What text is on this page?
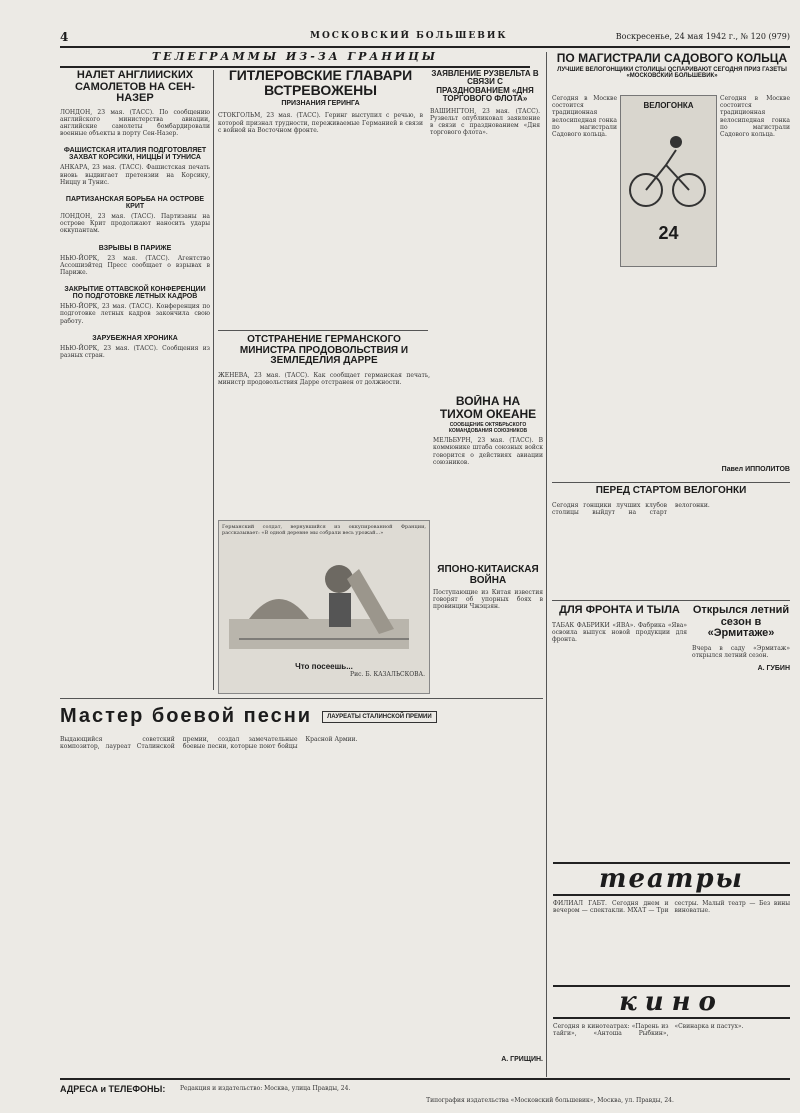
4	МОСКОВСКИЙ БОЛЬШЕВИК	Воскресенье, 24 мая 1942 г., № 120 (979)
ТЕЛЕГРАММЫ ИЗ-ЗА ГРАНИЦЫ
НАЛЕТ АНГЛИЙСКИХ САМОЛЕТОВ НА СЕН-НАЗЕР
ЛОНДОН, 23 мая. (ТАСС). По сообщению английского министерства авиации, английские самолеты бомбардировали военные объекты в порту Сен-Назер.
ФАШИСТСКАЯ ИТАЛИЯ ПОДГОТОВЛЯЕТ ЗАХВАТ КОРСИКИ, НИЦЦЫ И ТУНИСА
АНКАРА, 23 мая. (ТАСС). Фашистская печать вновь выдвигает претензии на Корсику, Ниццу и Тунис.
ПАРТИЗАНСКАЯ БОРЬБА НА ОСТРОВЕ КРИТ
ЛОНДОН, 23 мая. (ТАСС). Партизаны на острове Крит продолжают наносить удары оккупантам.
ВЗРЫВЫ В ПАРИЖЕ
НЬЮ-ЙОРК, 23 мая. (ТАСС). Агентство Ассошиэйтед Пресс сообщает о взрывах в Париже.
ЗАКРЫТИЕ ОТТАВСКОЙ КОНФЕРЕНЦИИ ПО ПОДГОТОВКЕ ЛЕТНЫХ КАДРОВ
НЬЮ-ЙОРК, 23 мая. (ТАСС). Конференция по подготовке летных кадров закончила свою работу.
ЗАРУБЕЖНАЯ ХРОНИКА
НЬЮ-ЙОРК, 23 мая. (ТАСС). Сообщения из разных стран.
ГИТЛЕРОВСКИЕ ГЛАВАРИ ВСТРЕВОЖЕНЫ
ПРИЗНАНИЯ ГЕРИНГА
СТОКГОЛЬМ, 23 мая. (ТАСС). Геринг выступил с речью, в которой признал трудности, переживаемые Германией в связи с войной на Восточном фронте.
ЗАЯВЛЕНИЕ РУЗВЕЛЬТА В СВЯЗИ С ПРАЗДНОВАНИЕМ «ДНЯ ТОРГОВОГО ФЛОТА»
ВАШИНГТОН, 23 мая. (ТАСС). Рузвельт опубликовал заявление в связи с празднованием «Дня торгового флота».
ОТСТРАНЕНИЕ ГЕРМАНСКОГО МИНИСТРА ПРОДОВОЛЬСТВИЯ И ЗЕМЛЕДЕЛИЯ ДАРРЕ
ЖЕНЕВА, 23 мая. (ТАСС). Как сообщает германская печать, министр продовольствия Дарре отстранен от должности.
ВОЙНА НА ТИХОМ ОКЕАНЕ
СООБЩЕНИЕ ОКТЯБРЬСКОГО КОМАНДОВАНИЯ СОЮЗНИКОВ
МЕЛЬБУРН, 23 мая. (ТАСС). В коммюнике штаба союзных войск говорится о действиях авиации союзников.
ЯПОНО-КИТАЙСКАЯ ВОЙНА
Поступающие из Китая известия говорят об упорных боях в провинции Чжэцзян.
Германский солдат, вернувшийся из оккупированной Франции, рассказывает: «В одной деревне мы собрали весь урожай...»
Что посеешь...
Рис. Б. КАЗАЛЬСКОВА.
Мастер боевой песни	ЛАУРЕАТЫ СТАЛИНСКОЙ ПРЕМИИ
Выдающийся советский композитор, лауреат Сталинской премии, создал замечательные боевые песни, которые поют бойцы Красной Армии.
А. ГРИЩИН.
ПО МАГИСТРАЛИ САДОВОГО КОЛЬЦА
ЛУЧШИЕ ВЕЛОГОНЩИКИ СТОЛИЦЫ ОСПАРИВАЮТ СЕГОДНЯ ПРИЗ ГАЗЕТЫ «МОСКОВСКИЙ БОЛЬШЕВИК»
Сегодня в Москве состоится традиционная велосипедная гонка по магистрали Садового кольца.
ВЕЛОГОНКА
24
Сегодня в Москве состоится традиционная велосипедная гонка по магистрали Садового кольца.
Павел ИППОЛИТОВ
ПЕРЕД СТАРТОМ ВЕЛОГОНКИ
Сегодня гонщики лучших клубов столицы выйдут на старт велогонки.
ДЛЯ ФРОНТА И ТЫЛА
ТАБАК ФАБРИКИ «ЯВА». Фабрика «Ява» освоила выпуск новой продукции для фронта.
Открылся летний сезон в «Эрмитаже»
Вчера в саду «Эрмитаж» открылся летний сезон.
А. ГУБИН
театры
ФИЛИАЛ ГАБТ. Сегодня днем и вечером — спектакли. МХАТ — Три сестры. Малый театр — Без вины виноватые.
кино
Сегодня в кинотеатрах: «Парень из тайги», «Антоша Рыбкин», «Свинарка и пастух».
АДРЕСА и ТЕЛЕФОНЫ: Редакция и издательство: Москва, улица Правды, 24.
Типография издательства «Московский большевик», Москва, ул. Правды, 24.
